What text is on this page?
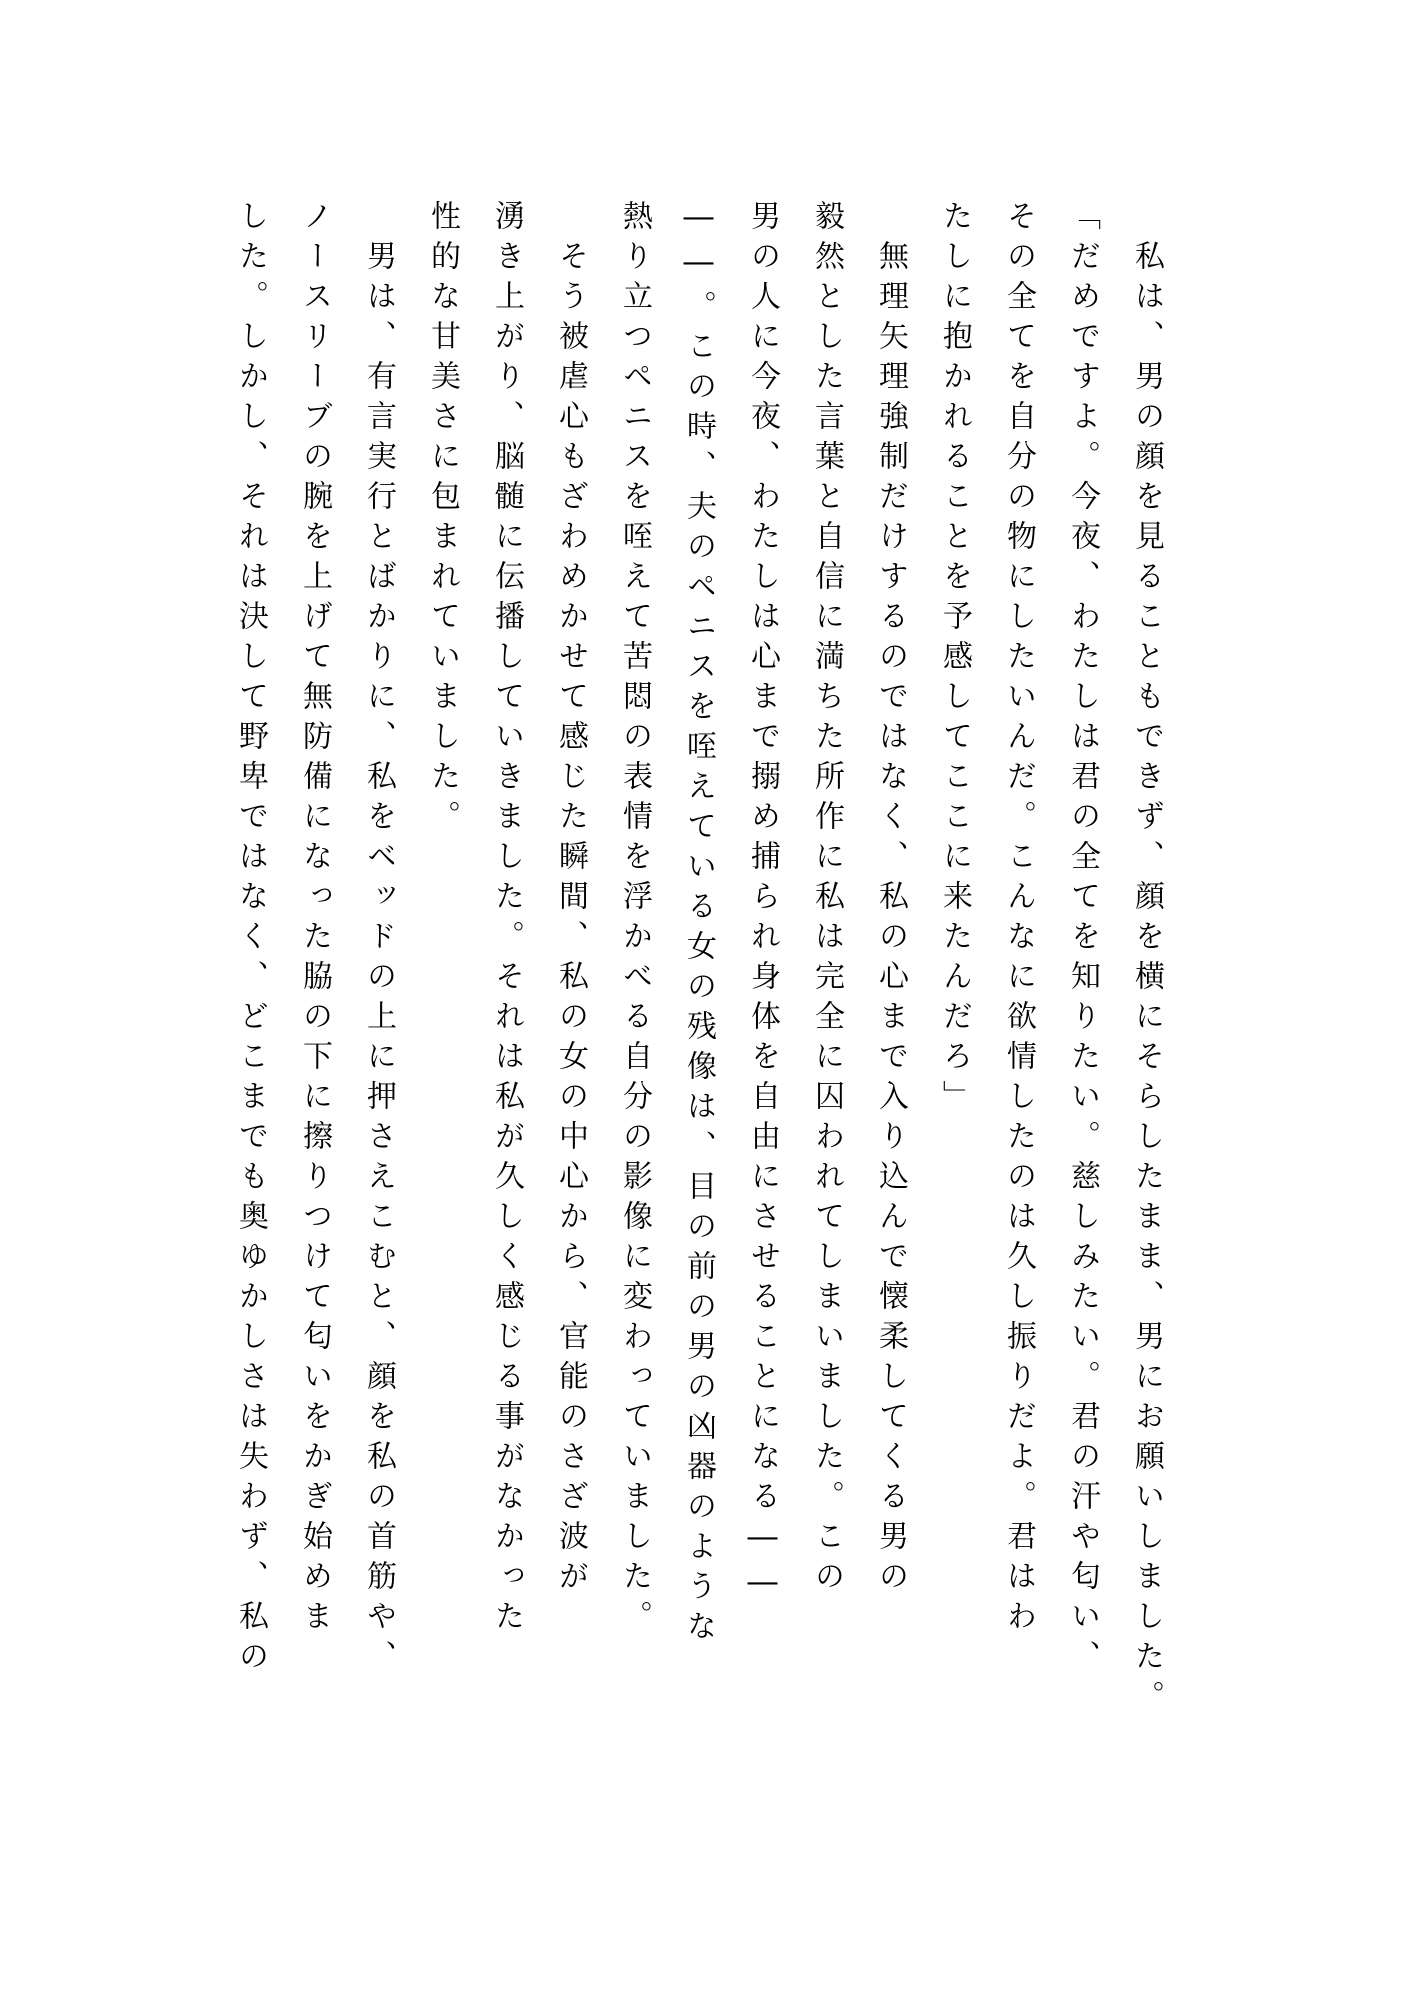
　私は、男の顔を見ることもできず、顔を横にそらしたまま、男にお願いしました。
「だめですよ。今夜、わたしは君の全てを知りたい。慈しみたい。君の汗や匂い、
その全てを自分の物にしたいんだ。こんなに欲情したのは久し振りだよ。君はわ
たしに抱かれることを予感してここに来たんだろ」
　無理矢理強制だけするのではなく、私の心まで入り込んで懐柔してくる男の
毅然とした言葉と自信に満ちた所作に私は完全に囚われてしまいました。この
男の人に今夜、わたしは心まで搦め捕られ身体を自由にさせることになる――
――。この時、夫のペニスを咥えている女の残像は、目の前の男の凶器のような
熱り立つペニスを咥えて苦悶の表情を浮かべる自分の影像に変わっていました。
　そう被虐心もざわめかせて感じた瞬間、私の女の中心から、官能のさざ波が
湧き上がり、脳髄に伝播していきました。それは私が久しく感じる事がなかった
性的な甘美さに包まれていました。
　男は、有言実行とばかりに、私をベッドの上に押さえこむと、顔を私の首筋や、
ノースリーブの腕を上げて無防備になった脇の下に擦りつけて匂いをかぎ始めま
した。しかし、それは決して野卑ではなく、どこまでも奥ゆかしさは失わず、私の
